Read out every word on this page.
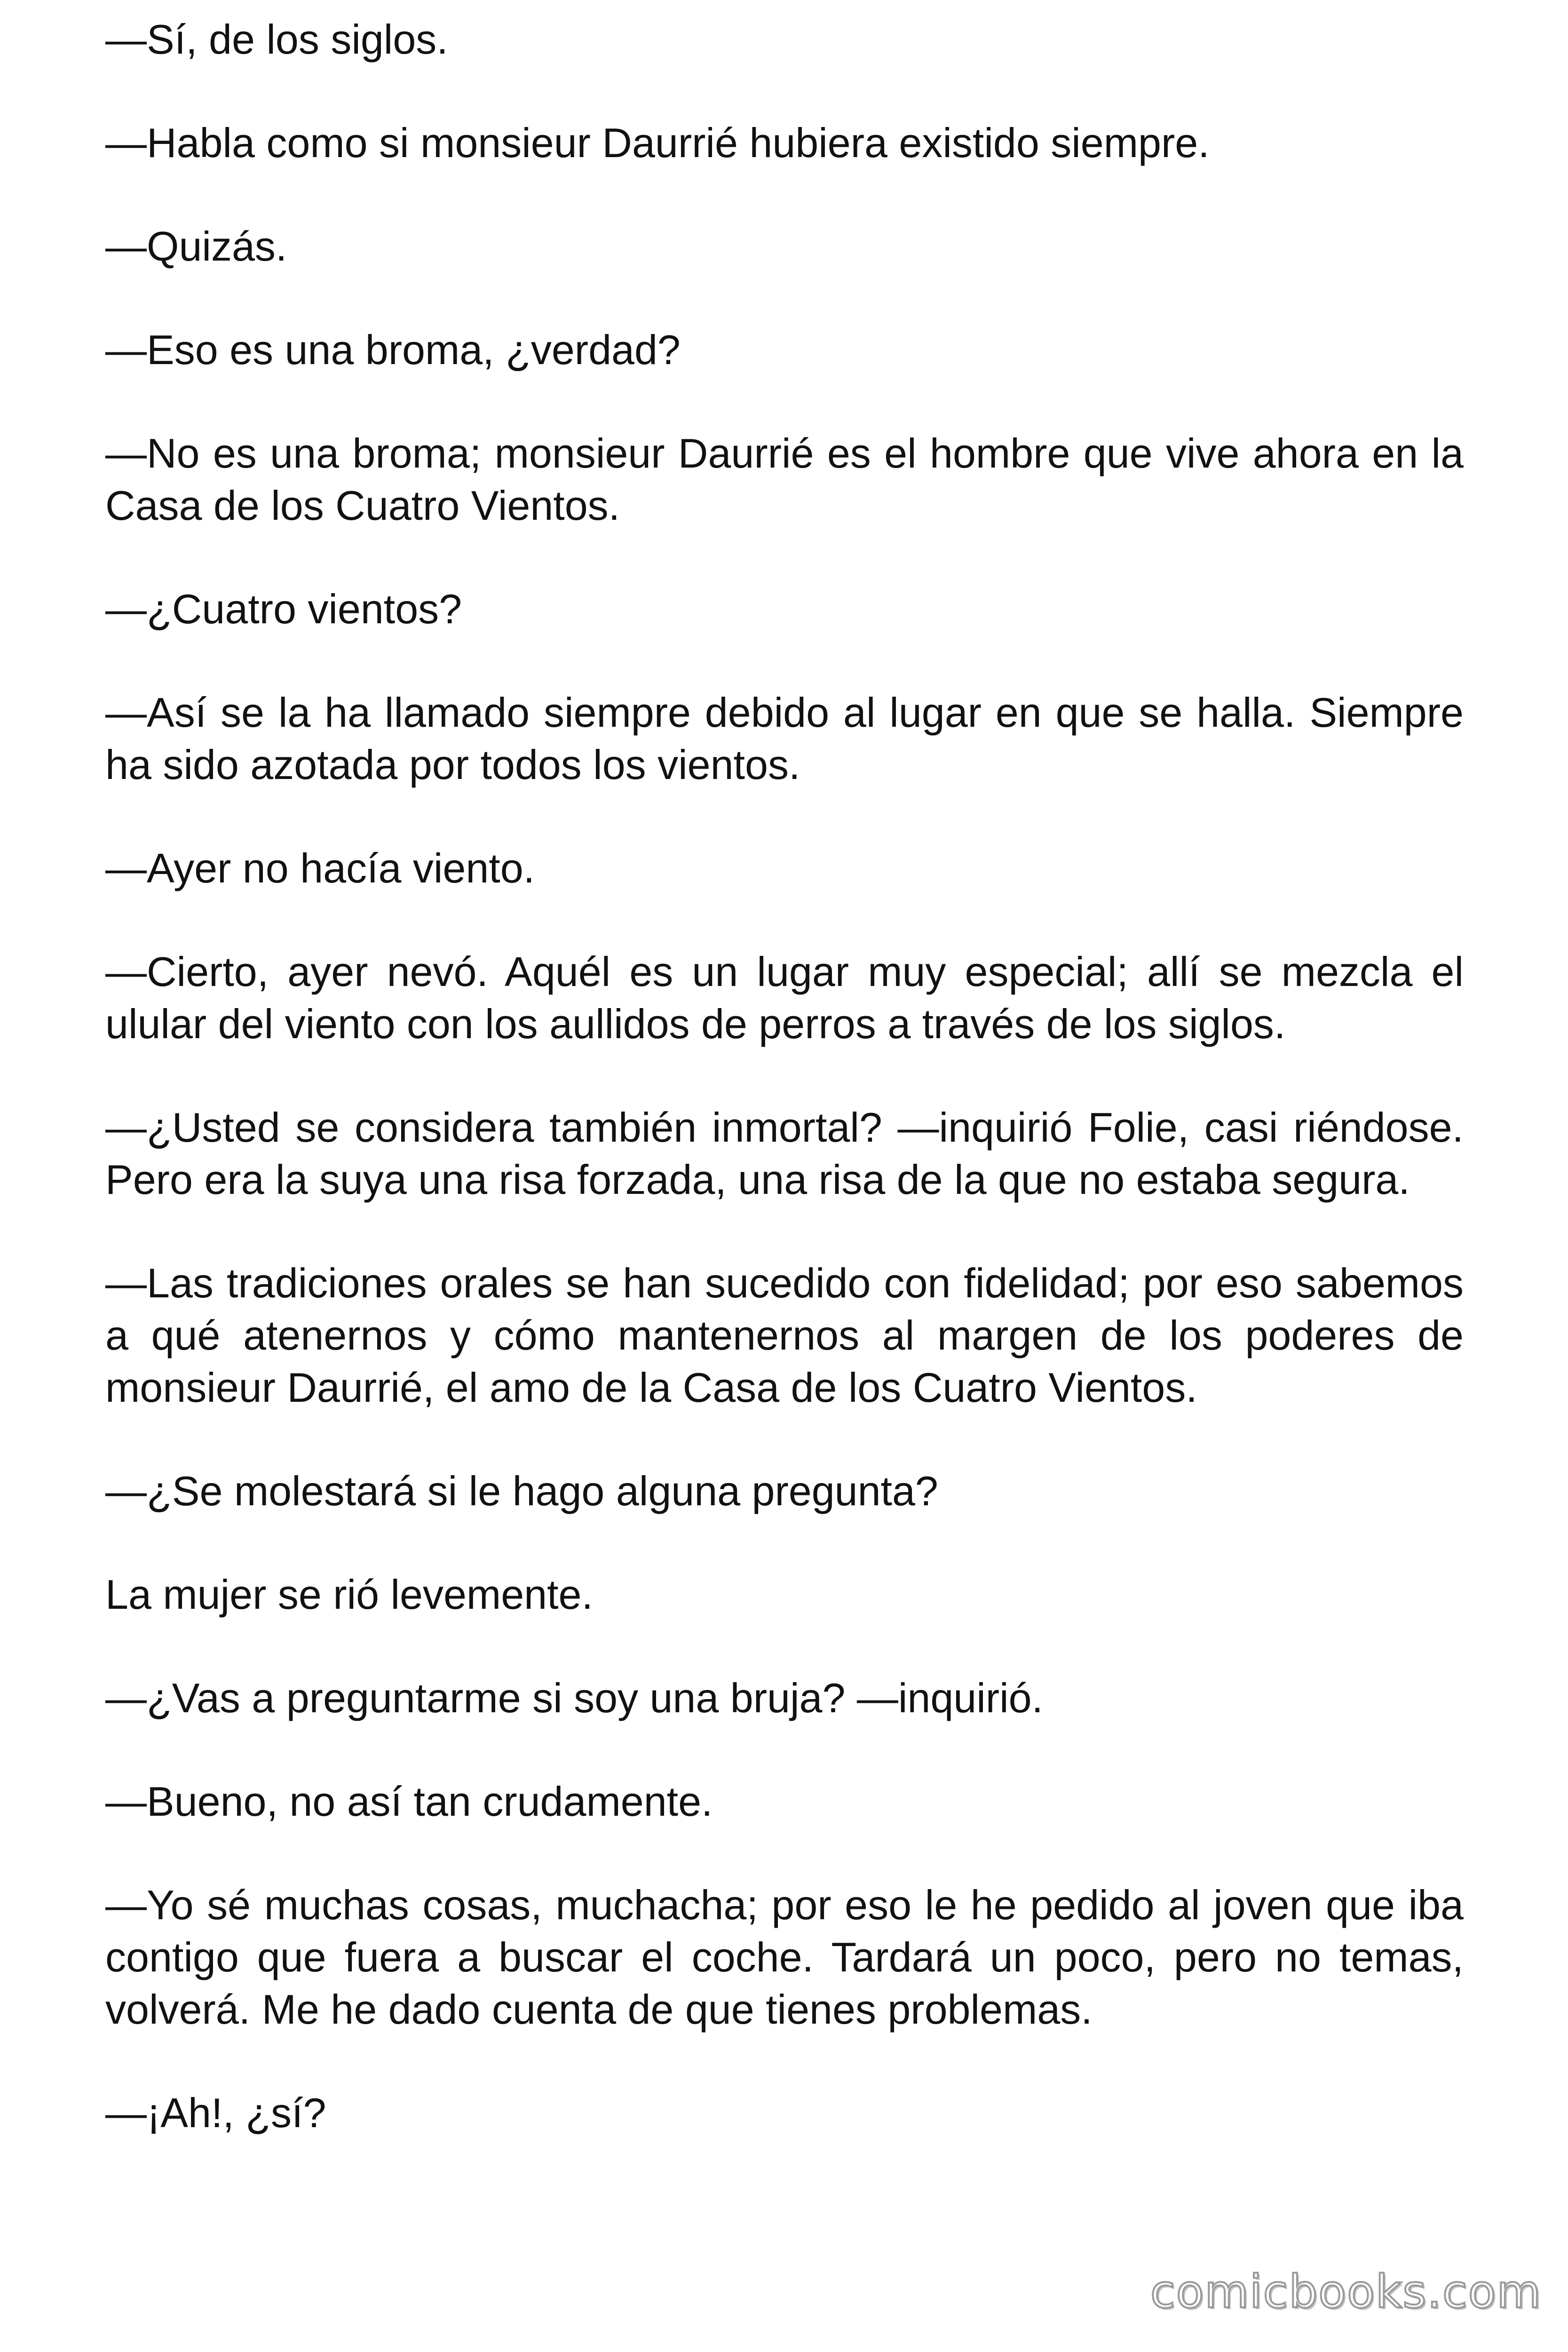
—Sí, de los siglos.

—Habla como si monsieur Daurrié hubiera existido siempre.

—Quizás.

—Eso es una broma, ¿verdad?

—No es una broma; monsieur Daurrié es el hombre que vive ahora en la Casa de los Cuatro Vientos.

—¿Cuatro vientos?

—Así se la ha llamado siempre debido al lugar en que se halla. Siempre ha sido azotada por todos los vientos.

—Ayer no hacía viento.

—Cierto, ayer nevó. Aquél es un lugar muy especial; allí se mezcla el ulular del viento con los aullidos de perros a través de los siglos.

—¿Usted se considera también inmortal? —inquirió Folie, casi riéndose. Pero era la suya una risa forzada, una risa de la que no estaba segura.

—Las tradiciones orales se han sucedido con fidelidad; por eso sabemos a qué atenernos y cómo mantenernos al margen de los poderes de monsieur Daurrié, el amo de la Casa de los Cuatro Vientos.

—¿Se molestará si le hago alguna pregunta?

La mujer se rió levemente.

—¿Vas a preguntarme si soy una bruja? —inquirió.

—Bueno, no así tan crudamente.

—Yo sé muchas cosas, muchacha; por eso le he pedido al joven que iba contigo que fuera a buscar el coche. Tardará un poco, pero no temas, volverá. Me he dado cuenta de que tienes problemas.

—¡Ah!, ¿sí?

comicbooks.com
